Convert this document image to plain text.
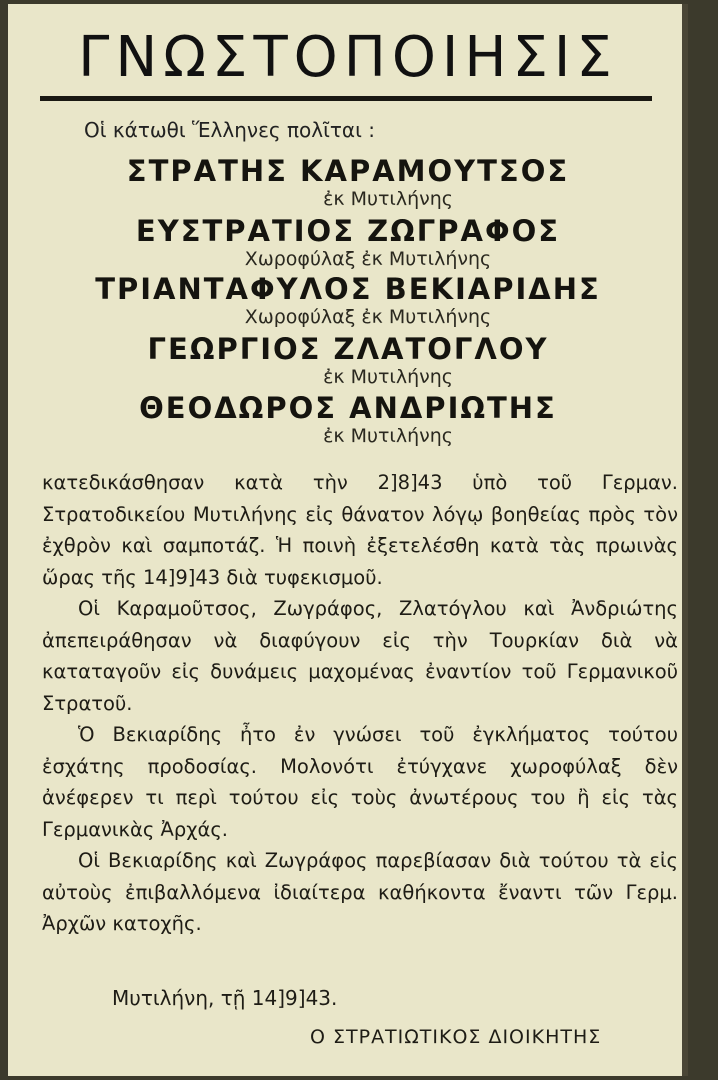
ΓΝΩΣΤΟΠΟΙΗΣΙΣ
Οἱ κάτωθι Ἕλληνες πολῖται :
ΣΤΡΑΤΗΣ ΚΑΡΑΜΟΥΤΣΟΣ
ἐκ Μυτιλήνης
ΕΥΣΤΡΑΤΙΟΣ ΖΩΓΡΑΦΟΣ
Χωροφύλαξ ἐκ Μυτιλήνης
ΤΡΙΑΝΤΑΦΥΛΟΣ ΒΕΚΙΑΡΙΔΗΣ
Χωροφύλαξ ἐκ Μυτιλήνης
ΓΕΩΡΓΙΟΣ ΖΛΑΤΟΓΛΟΥ
ἐκ Μυτιλήνης
ΘΕΟΔΩΡΟΣ ΑΝΔΡΙΩΤΗΣ
ἐκ Μυτιλήνης

κατεδικάσθησαν κατὰ τὴν 2]8]43 ὑπὸ τοῦ Γερμαν. Στρατοδικείου Μυτιλήνης εἰς θάνατον λόγῳ βοηθείας πρὸς τὸν ἐχθρὸν καὶ σαμποτάζ. Ἡ ποινὴ ἐξετελέσθη κατὰ τὰς πρωινὰς ὥρας τῆς 14]9]43 διὰ τυφεκισμοῦ.

Οἱ Καραμοῦτσος, Ζωγράφος, Ζλατόγλου καὶ Ἀνδριώτης ἀπεπειράθησαν νὰ διαφύγουν εἰς τὴν Τουρκίαν διὰ νὰ καταταγοῦν εἰς δυνάμεις μαχομένας ἐναντίον τοῦ Γερμανικοῦ Στρατοῦ.

Ὁ Βεκιαρίδης ἦτο ἐν γνώσει τοῦ ἐγκλήματος τούτου ἐσχάτης προδοσίας. Μολονότι ἐτύγχανε χωροφύλαξ δὲν ἀνέφερεν τι περὶ τούτου εἰς τοὺς ἀνωτέρους του ἢ εἰς τὰς Γερμανικὰς Ἀρχάς.

Οἱ Βεκιαρίδης καὶ Ζωγράφος παρεβίασαν διὰ τούτου τὰ εἰς αὐτοὺς ἐπιβαλλόμενα ἰδιαίτερα καθήκοντα ἔναντι τῶν Γερμ. Ἀρχῶν κατοχῆς.

Μυτιλήνη, τῇ 14]9]43.
Ο ΣΤΡΑΤΙΩΤΙΚΟΣ ΔΙΟΙΚΗΤΗΣ
